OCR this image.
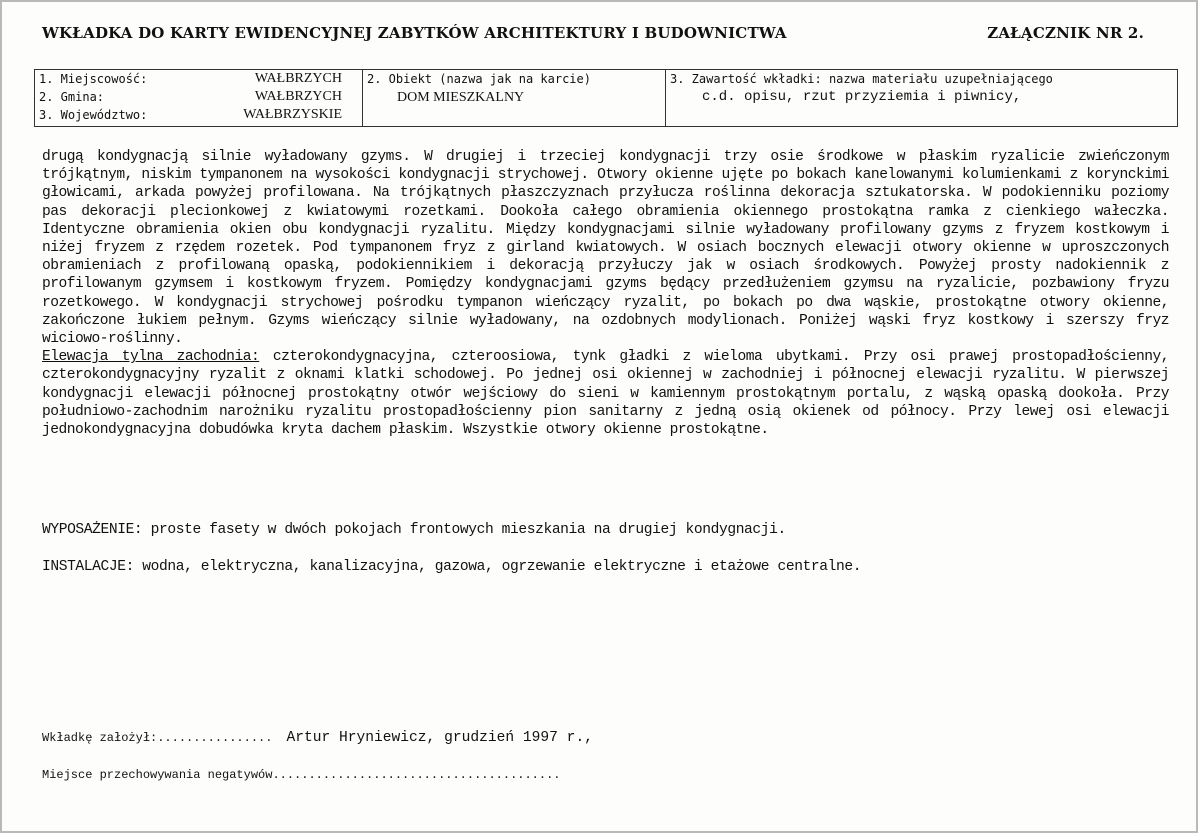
WKŁADKA DO KARTY EWIDENCYJNEJ ZABYTKÓW ARCHITEKTURY I BUDOWNICTWA	ZAŁĄCZNIK NR 2.
1. Miejscowość:	WAŁBRZYCH
2. Gmina:	WAŁBRZYCH
3. Województwo:	WAŁBRZYSKIE

2. Obiekt (nazwa jak na karcie)
DOM MIESZKALNY

3. Zawartość wkładki: nazwa materiału uzupełniającego
c.d. opisu, rzut przyziemia i piwnicy,

drugą kondygnacją silnie wyładowany gzyms. W drugiej i trzeciej kondygnacji trzy osie środkowe w płaskim ryzalicie zwieńczonym trójkątnym, niskim tympanonem na wysokości kondygnacji strychowej. Otwory okienne ujęte po bokach kanelowanymi kolumienkami z korynckimi głowicami, arkada powyżej profilowana. Na trójkątnych płaszczyznach przyłucza roślinna dekoracja sztukatorska. W podokienniku poziomy pas dekoracji plecionkowej z kwiatowymi rozetkami. Dookoła całego obramienia okiennego prostokątna ramka z cienkiego wałeczka. Identyczne obramienia okien obu kondygnacji ryzalitu. Między kondygnacjami silnie wyładowany profilowany gzyms z fryzem kostkowym i niżej fryzem z rzędem rozetek. Pod tympanonem fryz z girland kwiatowych. W osiach bocznych elewacji otwory okienne w uproszczonych obramieniach z profilowaną opaską, podokiennikiem i dekoracją przyłuczy jak w osiach środkowych. Powyżej prosty nadokiennik z profilowanym gzymsem i kostkowym fryzem. Pomiędzy kondygnacjami gzyms będący przedłużeniem gzymsu na ryzalicie, pozbawiony fryzu rozetkowego. W kondygnacji strychowej pośrodku tympanon wieńczący ryzalit, po bokach po dwa wąskie, prostokątne otwory okienne, zakończone łukiem pełnym. Gzyms wieńczący silnie wyładowany, na ozdobnych modylionach. Poniżej wąski fryz kostkowy i szerszy fryz wiciowo-roślinny.

Elewacja tylna zachodnia: czterokondygnacyjna, czteroosiowa, tynk gładki z wieloma ubytkami. Przy osi prawej prostopadłościenny, czterokondygnacyjny ryzalit z oknami klatki schodowej. Po jednej osi okiennej w zachodniej i północnej elewacji ryzalitu. W pierwszej kondygnacji elewacji północnej prostokątny otwór wejściowy do sieni w kamiennym prostokątnym portalu, z wąską opaską dookoła. Przy południowo-zachodnim narożniku ryzalitu prostopadłościenny pion sanitarny z jedną osią okienek od północy. Przy lewej osi elewacji jednokondygnacyjna dobudówka kryta dachem płaskim. Wszystkie otwory okienne prostokątne.

WYPOSAŻENIE: proste fasety w dwóch pokojach frontowych mieszkania na drugiej kondygnacji.
INSTALACJE: wodna, elektryczna, kanalizacyjna, gazowa, ogrzewanie elektryczne i etażowe centralne.
Wkładkę założył:................ Artur Hryniewicz, grudzień 1997 r.,
Miejsce przechowywania negatywów........................................
